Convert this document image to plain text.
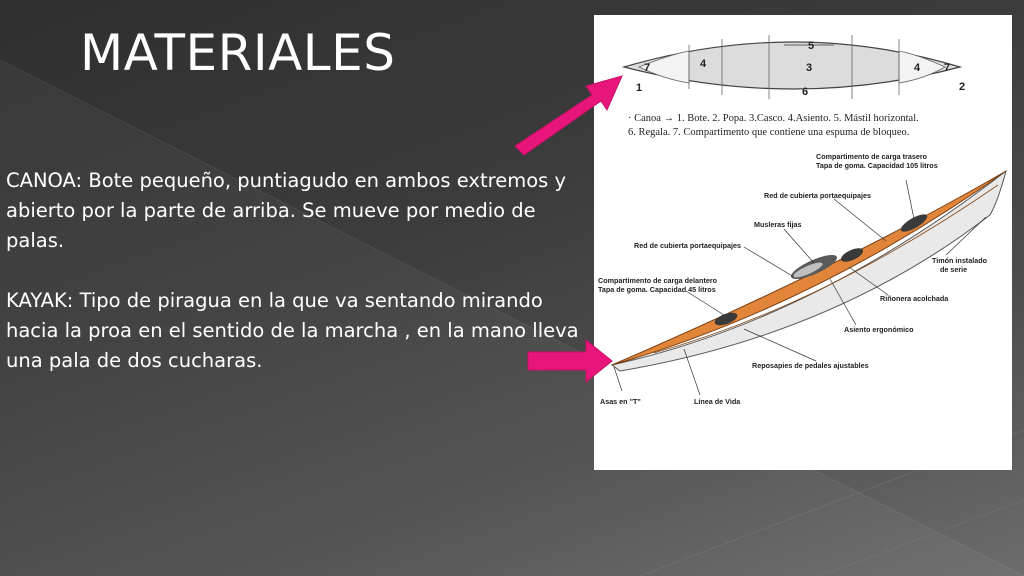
MATERIALES
CANOA: Bote pequeño, puntiagudo en ambos extremos y abierto por la parte de arriba. Se mueve por medio de palas.
KAYAK: Tipo de piragua en la que va sentando mirando hacia la proa en el sentido de la marcha , en la mano lleva una pala de dos cucharas.
7	4
5
3
6
4 7
1	2
· Canoa → 1. Bote. 2. Popa. 3.Casco. 4.Asiento. 5. Mástil horizontal.
6. Regala. 7. Compartimento que contiene una espuma de bloqueo.
Compartimento de carga trasero
Tapa de goma. Capacidad 105 litros
Red de cubierta portaequipajes
Musleras fijas
Red de cubierta portaequipajes
Compartimento de carga delantero
Tapa de goma. Capacidad 45 litros
Timón instalado
de serie
Riñonera acolchada
Asiento ergonómico
Reposapies de pedales ajustables
Asas en "T"	Línea de Vida
